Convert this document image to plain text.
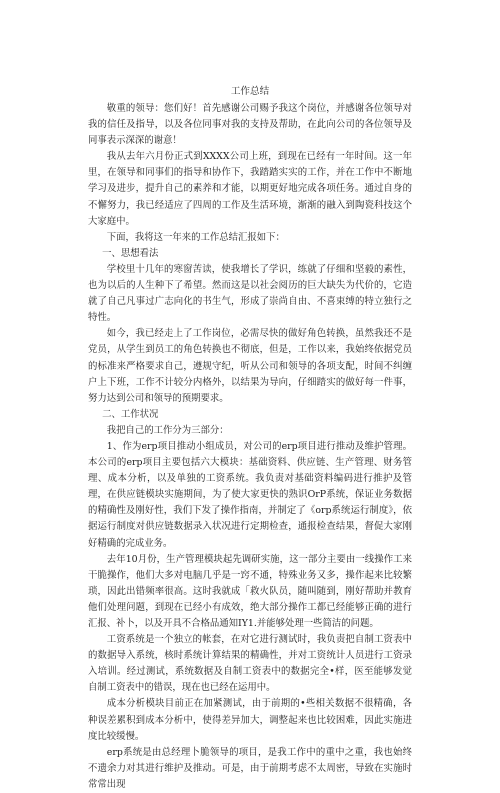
工作总结

敬重的领导：您们好！首先感谢公司赐予我这个岗位，并感谢各位领导对我的信任及指导，以及各位同事对我的支持及帮助，在此向公司的各位领导及同事表示深深的谢意！

我从去年六月份正式到XXXX公司上班，到现在已经有一年时间。这一年里，在领导和同事们的指导和协作下，我踏踏实实的工作，并在工作中不断地学习及进步，提升自己的素养和才能，以期更好地完成各项任务。通过自身的不懈努力，我已经适应了四周的工作及生活环境，渐渐的融入到陶瓷科技这个大家庭中。

下面，我将这一年来的工作总结汇报如下：

一、思想看法

学校里十几年的寒窗苦读，使我增长了学识，练就了仔细和坚毅的素性，也为以后的人生种下了希望。然而这是以社会阅历的巨大缺失为代价的，它造就了自己凡事过广志向化的书生气，形成了崇尚自由、不喜束缚的特立独行之特性。

如今，我已经走上了工作岗位，必需尽快的做好角色转换，虽然我还不是党员，从学生到员工的角色转换也不彻底，但是，工作以来，我始终依据党员的标准来严格要求自己，遵规守纪，听从公司和领导的各项支配，时间不纠缠户上下班，工作不计较分内格外，以结果为导向，仔细踏实的做好每一件事，努力达到公司和领导的预期要求。

二、工作状况

我把自己的工作分为三部分：

1、作为erp项目推动小组成员，对公司的erp项目进行推动及维护管理。本公司的erp项目主要包括六大模块：基础资料、供应链、生产管理、财务管理、成本分析，以及单独的工资系统。我负责对基础资料编码进行推护及管理，在供应链模块实施期间，为了使大家更快的熟识OrP系统，保证业务数据的精确性及刚好性，我们下发了操作指南，并制定了《orp系统运行制度》，依据运行制度对供应链数据录入状况进行定期检查，通报检查结果，督促大家刚好精确的完成业务。

去年10月份，生产管理模块起先调研实施，这一部分主要由一线操作工来干脆操作，他们大多对电脑几乎是一窍不通，特殊业务又多，操作起来比较繁琐，因此出错频率很高。这时我就成「救火队员，随叫随到，刚好帮助并教育他们处理问题，到现在已经小有成效，绝大部分操作工都已经能够正确的进行汇报、补卜，以及开具不合格品通知IY1.并能够处理一些简洁的问题。

工资系统是一个独立的帐套，在对它进行测试时，我负责把自制工资表中的数据导入系统，核时系统计算结果的精确性，并对工资统计人员进行工资录入培训。经过测试，系统数据及自制工资表中的数据完全•样，医至能够发觉自制工资表中的错误，现在也已经在运用中。

成本分析模块目前正在加紧测试，由于前期的•些相关数据不很精确，各种误差累积到成本分析中，使得差异加大，调整起来也比较困难，因此实施进度比较缓慢。

erp系统是由总经理卜脆领导的项目，是我工作中的重中之重，我也始终不遗余力对其进行维护及推动。可是，由于前期考虑不太周密，导致在实施时常常出现
